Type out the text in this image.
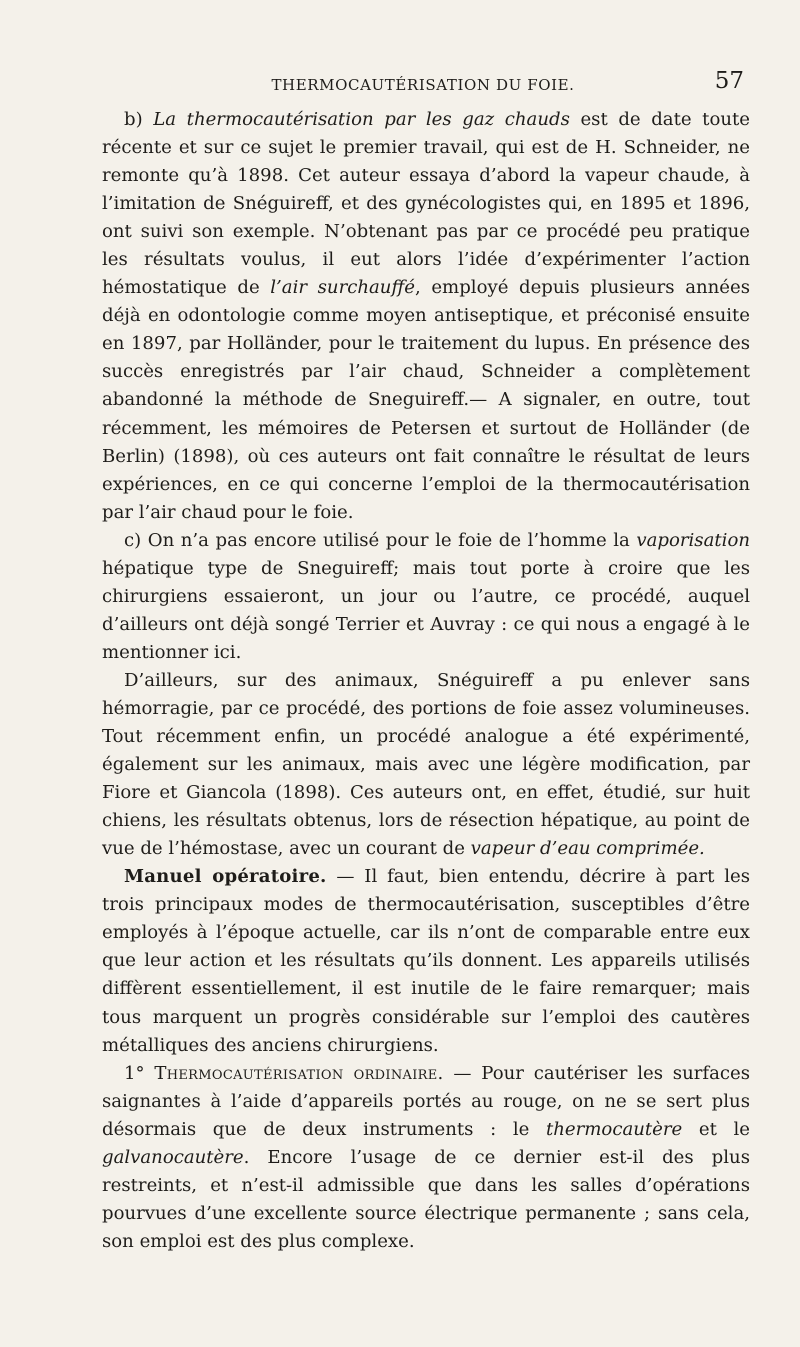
THERMOCAUTÉRISATION DU FOIE.	57

b) La thermocautérisation par les gaz chauds est de date toute récente et sur ce sujet le premier travail, qui est de H. Schneider, ne remonte qu’à 1898. Cet auteur essaya d’abord la vapeur chaude, à l’imitation de Snéguireff, et des gynécologistes qui, en 1895 et 1896, ont suivi son exemple. N’obtenant pas par ce procédé peu pratique les résultats voulus, il eut alors l’idée d’expérimenter l’action hémostatique de l’air surchauffé, employé depuis plusieurs années déjà en odontologie comme moyen antiseptique, et préconisé ensuite en 1897, par Holländer, pour le traitement du lupus. En présence des succès enregistrés par l’air chaud, Schneider a complètement abandonné la méthode de Sneguireff.— A signaler, en outre, tout récemment, les mémoires de Petersen et surtout de Holländer (de Berlin) (1898), où ces auteurs ont fait connaître le résultat de leurs expériences, en ce qui concerne l’emploi de la thermocautérisation par l’air chaud pour le foie.

c) On n’a pas encore utilisé pour le foie de l’homme la vaporisation hépatique type de Sneguireff; mais tout porte à croire que les chirurgiens essaieront, un jour ou l’autre, ce procédé, auquel d’ailleurs ont déjà songé Terrier et Auvray : ce qui nous a engagé à le mentionner ici.

D’ailleurs, sur des animaux, Snéguireff a pu enlever sans hémorragie, par ce procédé, des portions de foie assez volumineuses. Tout récemment enfin, un procédé analogue a été expérimenté, également sur les animaux, mais avec une légère modification, par Fiore et Giancola (1898). Ces auteurs ont, en effet, étudié, sur huit chiens, les résultats obtenus, lors de résection hépatique, au point de vue de l’hémostase, avec un courant de vapeur d’eau comprimée.

Manuel opératoire. — Il faut, bien entendu, décrire à part les trois principaux modes de thermocautérisation, susceptibles d’être employés à l’époque actuelle, car ils n’ont de comparable entre eux que leur action et les résultats qu’ils donnent. Les appareils utilisés diffèrent essentiellement, il est inutile de le faire remarquer; mais tous marquent un progrès considérable sur l’emploi des cautères métalliques des anciens chirurgiens.

1° Thermocautérisation ordinaire. — Pour cautériser les surfaces saignantes à l’aide d’appareils portés au rouge, on ne se sert plus désormais que de deux instruments : le thermocautère et le galvanocautère. Encore l’usage de ce dernier est-il des plus restreints, et n’est-il admissible que dans les salles d’opérations pourvues d’une excellente source électrique permanente ; sans cela, son emploi est des plus complexe.
